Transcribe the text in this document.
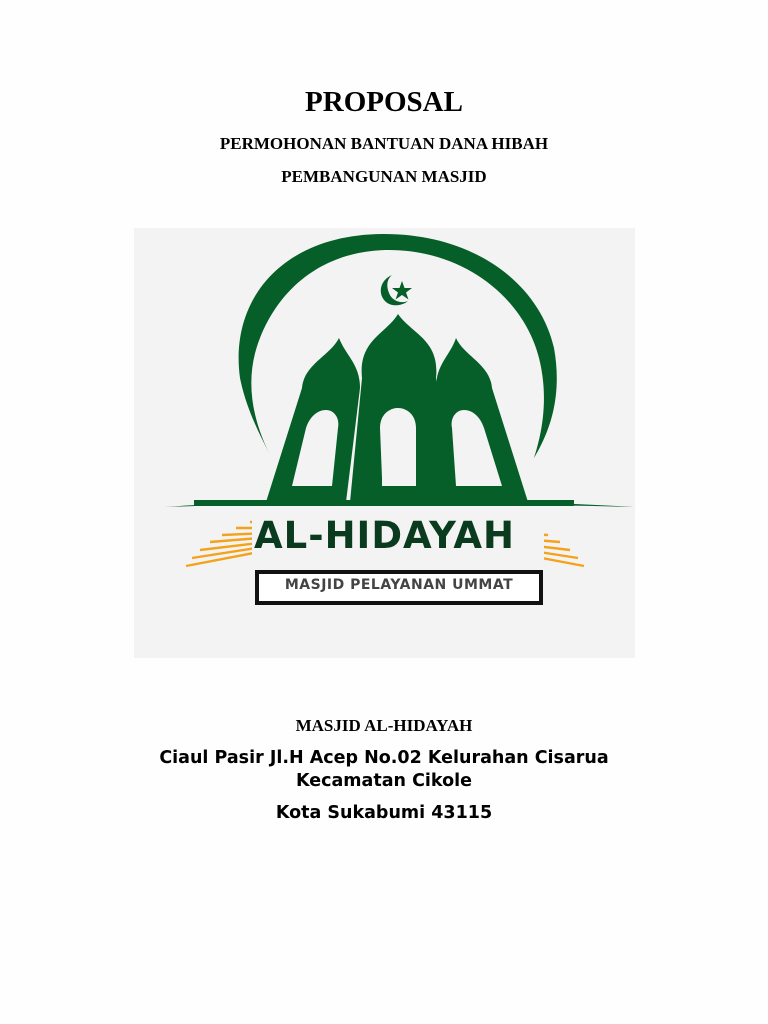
PROPOSAL

PERMOHONAN BANTUAN DANA HIBAH

PEMBANGUNAN MASJID

AL-HIDAYAH
MASJID PELAYANAN UMMAT

MASJID AL-HIDAYAH

Ciaul Pasir Jl.H Acep No.02 Kelurahan Cisarua
Kecamatan Cikole

Kota Sukabumi 43115
